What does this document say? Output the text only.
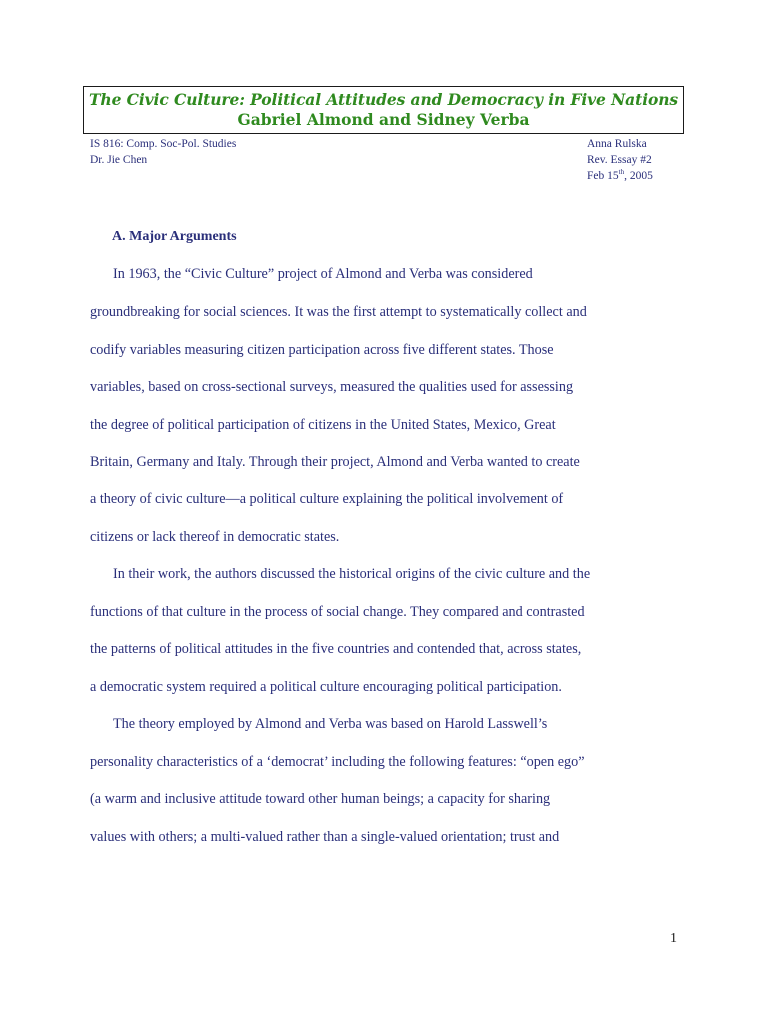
The Civic Culture: Political Attitudes and Democracy in Five Nations
Gabriel Almond and Sidney Verba
IS 816: Comp. Soc-Pol. Studies
Dr. Jie Chen
Anna Rulska
Rev. Essay #2
Feb 15th, 2005
A. Major Arguments
In 1963, the “Civic Culture” project of Almond and Verba was considered
groundbreaking for social sciences. It was the first attempt to systematically collect and
codify variables measuring citizen participation across five different states. Those
variables, based on cross-sectional surveys, measured the qualities used for assessing
the degree of political participation of citizens in the United States, Mexico, Great
Britain, Germany and Italy. Through their project, Almond and Verba wanted to create
a theory of civic culture—a political culture explaining the political involvement of
citizens or lack thereof in democratic states.
In their work, the authors discussed the historical origins of the civic culture and the
functions of that culture in the process of social change. They compared and contrasted
the patterns of political attitudes in the five countries and contended that, across states,
a democratic system required a political culture encouraging political participation.
The theory employed by Almond and Verba was based on Harold Lasswell’s
personality characteristics of a ‘democrat’ including the following features: “open ego”
(a warm and inclusive attitude toward other human beings; a capacity for sharing
values with others; a multi-valued rather than a single-valued orientation; trust and
1
